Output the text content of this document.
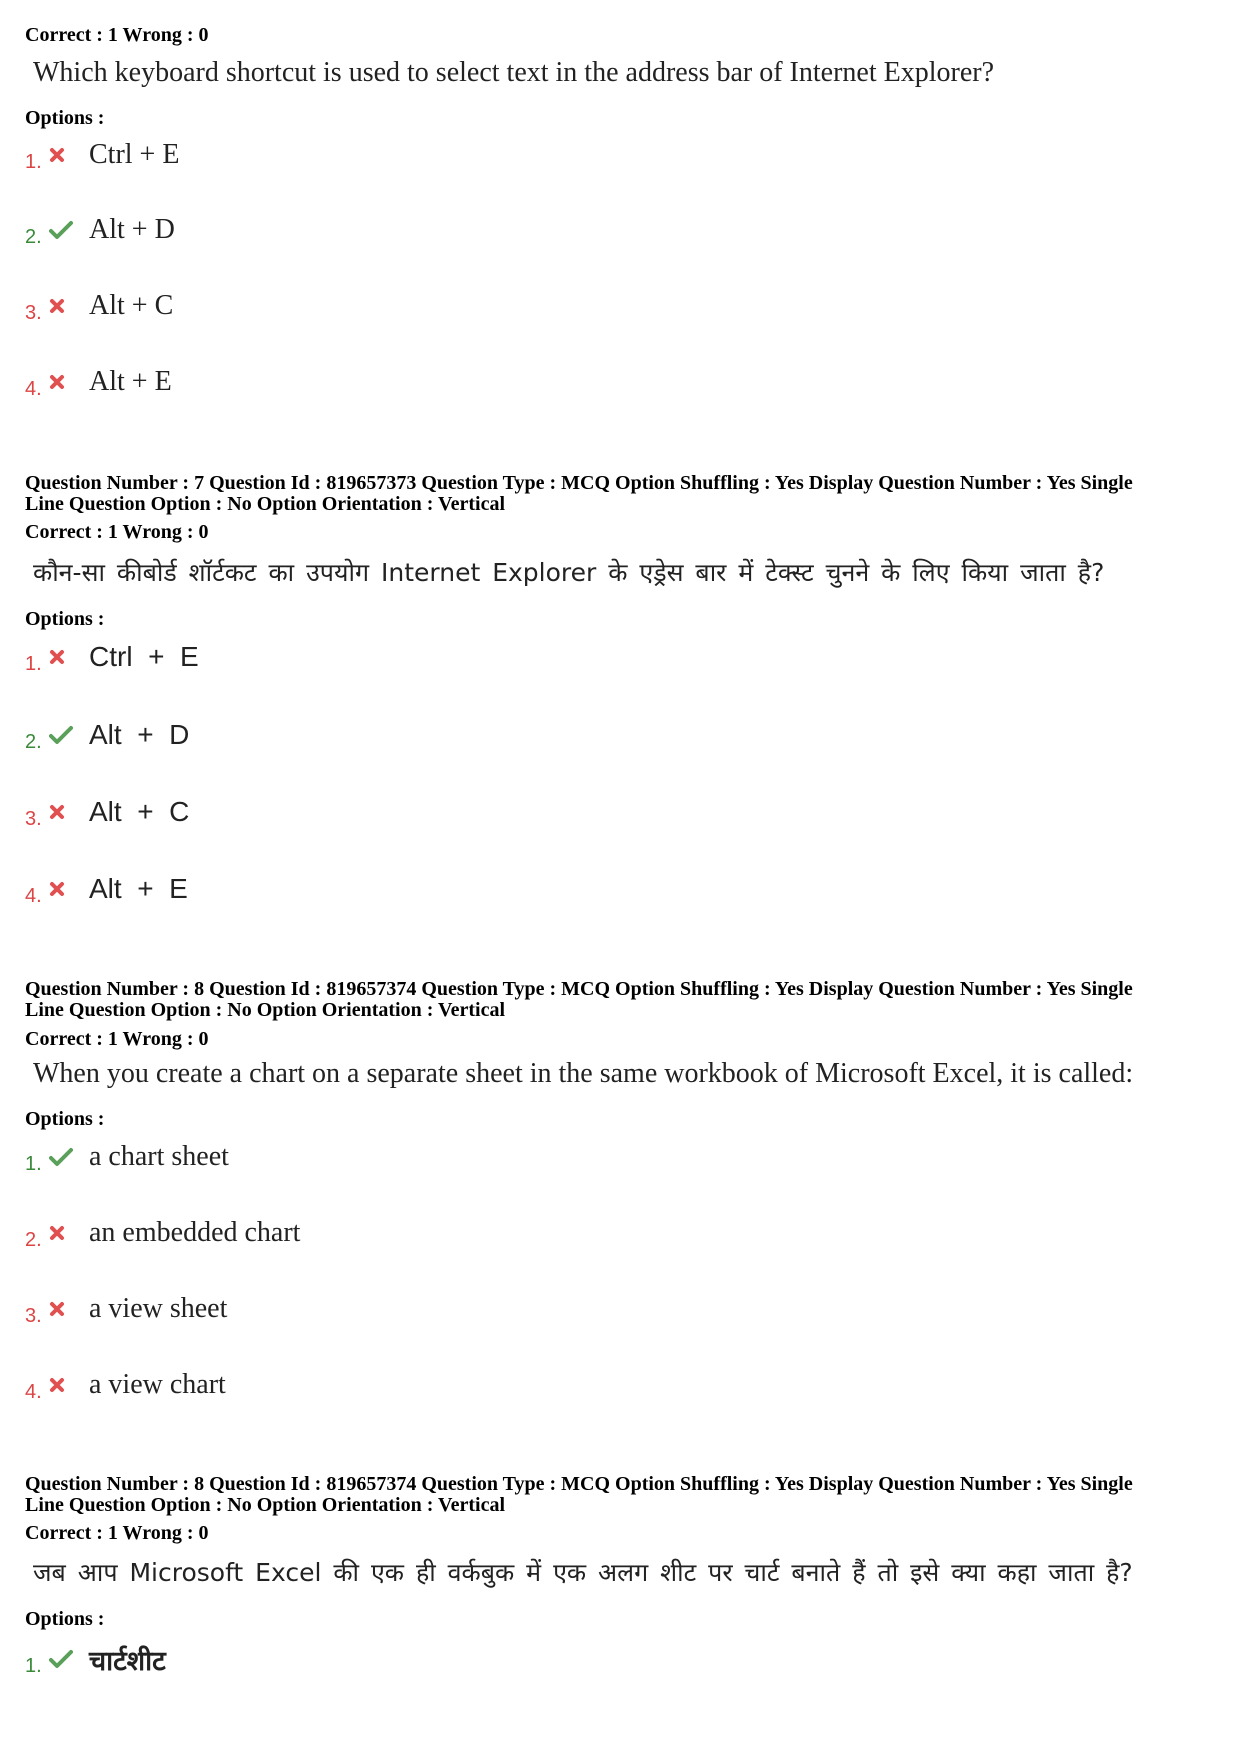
Correct : 1 Wrong : 0
Which keyboard shortcut is used to select text in the address bar of Internet Explorer?
Options :
1.	Ctrl + E
2.	Alt + D
3.	Alt + C
4.	Alt + E
Question Number : 7 Question Id : 819657373 Question Type : MCQ Option Shuffling : Yes Display Question Number : Yes Single
Line Question Option : No Option Orientation : Vertical
Correct : 1 Wrong : 0
कौन-सा कीबोर्ड शॉर्टकट का उपयोग Internet Explorer के एड्रेस बार में टेक्स्ट चुनने के लिए किया जाता है?
Options :
1.	Ctrl  +  E
2.	Alt  +  D
3.	Alt  +  C
4.	Alt  +  E
Question Number : 8 Question Id : 819657374 Question Type : MCQ Option Shuffling : Yes Display Question Number : Yes Single
Line Question Option : No Option Orientation : Vertical
Correct : 1 Wrong : 0
When you create a chart on a separate sheet in the same workbook of Microsoft Excel, it is called:
Options :
1.	a chart sheet
2.	an embedded chart
3.	a view sheet
4.	a view chart
Question Number : 8 Question Id : 819657374 Question Type : MCQ Option Shuffling : Yes Display Question Number : Yes Single
Line Question Option : No Option Orientation : Vertical
Correct : 1 Wrong : 0
जब आप Microsoft Excel की एक ही वर्कबुक में एक अलग शीट पर चार्ट बनाते हैं तो इसे क्या कहा जाता है?
Options :
1.	चार्टशीट
